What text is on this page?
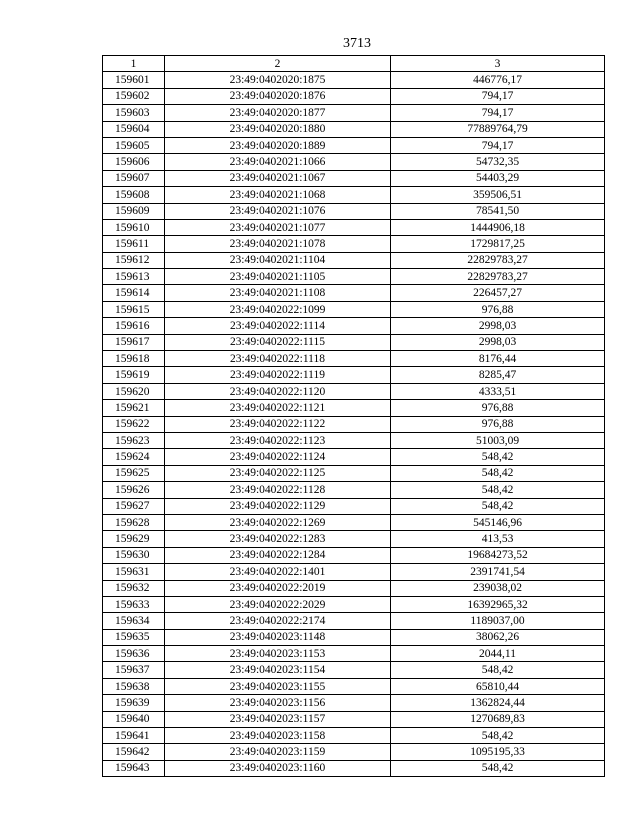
3713
1	2	3
159601	23:49:0402020:1875	446776,17
159602	23:49:0402020:1876	794,17
159603	23:49:0402020:1877	794,17
159604	23:49:0402020:1880	77889764,79
159605	23:49:0402020:1889	794,17
159606	23:49:0402021:1066	54732,35
159607	23:49:0402021:1067	54403,29
159608	23:49:0402021:1068	359506,51
159609	23:49:0402021:1076	78541,50
159610	23:49:0402021:1077	1444906,18
159611	23:49:0402021:1078	1729817,25
159612	23:49:0402021:1104	22829783,27
159613	23:49:0402021:1105	22829783,27
159614	23:49:0402021:1108	226457,27
159615	23:49:0402022:1099	976,88
159616	23:49:0402022:1114	2998,03
159617	23:49:0402022:1115	2998,03
159618	23:49:0402022:1118	8176,44
159619	23:49:0402022:1119	8285,47
159620	23:49:0402022:1120	4333,51
159621	23:49:0402022:1121	976,88
159622	23:49:0402022:1122	976,88
159623	23:49:0402022:1123	51003,09
159624	23:49:0402022:1124	548,42
159625	23:49:0402022:1125	548,42
159626	23:49:0402022:1128	548,42
159627	23:49:0402022:1129	548,42
159628	23:49:0402022:1269	545146,96
159629	23:49:0402022:1283	413,53
159630	23:49:0402022:1284	19684273,52
159631	23:49:0402022:1401	2391741,54
159632	23:49:0402022:2019	239038,02
159633	23:49:0402022:2029	16392965,32
159634	23:49:0402022:2174	1189037,00
159635	23:49:0402023:1148	38062,26
159636	23:49:0402023:1153	2044,11
159637	23:49:0402023:1154	548,42
159638	23:49:0402023:1155	65810,44
159639	23:49:0402023:1156	1362824,44
159640	23:49:0402023:1157	1270689,83
159641	23:49:0402023:1158	548,42
159642	23:49:0402023:1159	1095195,33
159643	23:49:0402023:1160	548,42
